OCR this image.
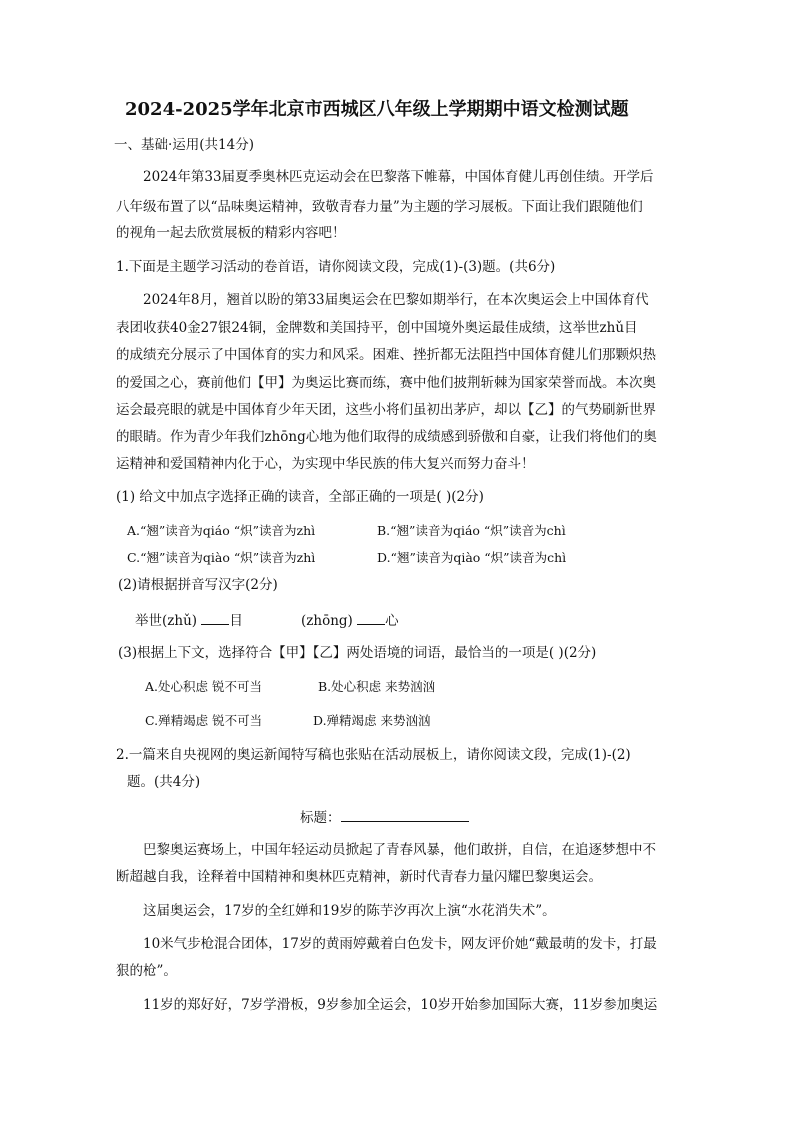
2024-2025学年北京市西城区八年级上学期期中语文检测试题
一、基础·运用(共14分)
2024年第33届夏季奥林匹克运动会在巴黎落下帷幕，中国体育健儿再创佳绩。开学后
八年级布置了以“品味奥运精神，致敬青春力量”为主题的学习展板。下面让我们跟随他们
的视角一起去欣赏展板的精彩内容吧！
1.下面是主题学习活动的卷首语，请你阅读文段，完成(1)-(3)题。(共6分)
2024年8月，翘首以盼的第33届奥运会在巴黎如期举行，在本次奥运会上中国体育代
表团收获40金27银24铜，金牌数和美国持平，创中国境外奥运最佳成绩，这举世zhǔ目
的成绩充分展示了中国体育的实力和风采。困难、挫折都无法阻挡中国体育健儿们那颗炽热
的爱国之心，赛前他们【甲】为奥运比赛而练，赛中他们披荆斩棘为国家荣誉而战。本次奥
运会最亮眼的就是中国体育少年天团，这些小将们虽初出茅庐，却以【乙】的气势刷新世界
的眼睛。作为青少年我们zhōng心地为他们取得的成绩感到骄傲和自豪，让我们将他们的奥
运精神和爱国精神内化于心，为实现中华民族的伟大复兴而努力奋斗！
(1) 给文中加点字选择正确的读音，全部正确的一项是( )(2分)
A.“翘”读音为qiáo “炽”读音为zhì	B.“翘”读音为qiáo “炽”读音为chì
C.“翘”读音为qiào “炽”读音为zhì	D.“翘”读音为qiào “炽”读音为chì
(2)请根据拼音写汉字(2分)
举世(zhǔ) 目	(zhōng) 心
(3)根据上下文，选择符合【甲】【乙】两处语境的词语，最恰当的一项是( )(2分)
A.处心积虑 锐不可当	B.处心积虑 来势汹汹
C.殚精竭虑 锐不可当	D.殚精竭虑 来势汹汹
2.一篇来自央视网的奥运新闻特写稿也张贴在活动展板上，请你阅读文段，完成(1)-(2)
题。(共4分)
标题：
巴黎奥运赛场上，中国年轻运动员掀起了青春风暴，他们敢拼，自信，在追逐梦想中不
断超越自我，诠释着中国精神和奥林匹克精神，新时代青春力量闪耀巴黎奥运会。
这届奥运会，17岁的全红婵和19岁的陈芋汐再次上演“水花消失术”。
10米气步枪混合团体，17岁的黄雨婷戴着白色发卡，网友评价她“戴最萌的发卡，打最
狠的枪”。
11岁的郑好好，7岁学滑板，9岁参加全运会，10岁开始参加国际大赛，11岁参加奥运
